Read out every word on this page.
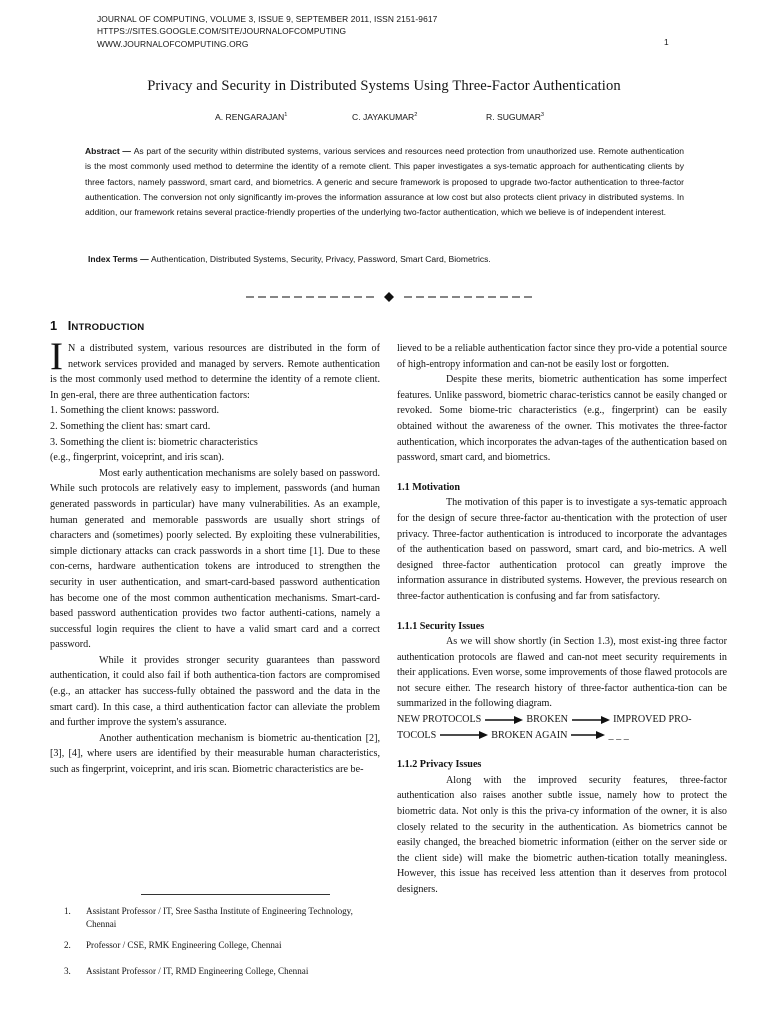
JOURNAL OF COMPUTING, VOLUME 3, ISSUE 9, SEPTEMBER 2011, ISSN 2151-9617
HTTPS://SITES.GOOGLE.COM/SITE/JOURNALOFCOMPUTING
WWW.JOURNALOFCOMPUTING.ORG	1
Privacy and Security in Distributed Systems Using Three-Factor Authentication
A. RENGARAJAN$^1$	C. JAYAKUMAR$^2$	R. SUGUMAR$^3$
Abstract — As part of the security within distributed systems, various services and resources need protection from unauthorized use. Remote authentication is the most commonly used method to determine the identity of a remote client. This paper investigates a sys-tematic approach for authenticating clients by three factors, namely password, smart card, and biometrics. A generic and secure framework is proposed to upgrade two-factor authentication to three-factor authentication. The conversion not only significantly im-proves the information assurance at low cost but also protects client privacy in distributed systems. In addition, our framework retains several practice-friendly properties of the underlying two-factor authentication, which we believe is of independent interest.
Index Terms — Authentication, Distributed Systems, Security, Privacy, Password, Smart Card, Biometrics.
1 INTRODUCTION

I N a distributed system, various resources are distributed in the form of network services provided and managed by servers. Remote authentication is the most commonly used method to determine the identity of a remote client. In gen-eral, there are three authentication factors:

1. Something the client knows: password.

2. Something the client has: smart card.

3. Something the client is: biometric characteristics

(e.g., fingerprint, voiceprint, and iris scan).

Most early authentication mechanisms are solely based on password. While such protocols are relatively easy to implement, passwords (and human generated passwords in particular) have many vulnerabilities. As an example, human generated and memorable passwords are usually short strings of characters and (sometimes) poorly selected. By exploiting these vulnerabilities, simple dictionary attacks can crack passwords in a short time [1]. Due to these con-cerns, hardware authentication tokens are introduced to strengthen the security in user authentication, and smart-card-based password authentication has become one of the most common authentication mechanisms. Smart-card-based password authentication provides two factor authenti-cations, namely a successful login requires the client to have a valid smart card and a correct password.

While it provides stronger security guarantees than password authentication, it could also fail if both authentica-tion factors are compromised (e.g., an attacker has success-fully obtained the password and the data in the smart card). In this case, a third authentication factor can alleviate the problem and further improve the system's assurance.

Another authentication mechanism is biometric au-thentication [2], [3], [4], where users are identified by their measurable human characteristics, such as fingerprint, voiceprint, and iris scan. Biometric characteristics are be-

lieved to be a reliable authentication factor since they pro-vide a potential source of high-entropy information and can-not be easily lost or forgotten.

Despite these merits, biometric authentication has some imperfect features. Unlike password, biometric charac-teristics cannot be easily changed or revoked. Some biome-tric characteristics (e.g., fingerprint) can be easily obtained without the awareness of the owner. This motivates the three-factor authentication, which incorporates the advan-tages of the authentication based on password, smart card, and biometrics.

1.1 Motivation

The motivation of this paper is to investigate a sys-tematic approach for the design of secure three-factor au-thentication with the protection of user privacy. Three-factor authentication is introduced to incorporate the advantages of the authentication based on password, smart card, and bio-metrics. A well designed three-factor authentication protocol can greatly improve the information assurance in distributed systems. However, the previous research on three-factor authentication is confusing and far from satisfactory.

1.1.1 Security Issues

As we will show shortly (in Section 1.3), most exist-ing three factor authentication protocols are flawed and can-not meet security requirements in their applications. Even worse, some improvements of those flawed protocols are not secure either. The research history of three-factor authentica-tion can be summarized in the following diagram.

NEW PROTOCOLS	BROKEN	IMPROVED PRO-

TOCOLS	BROKEN AGAIN	_ _ _

1.1.2 Privacy Issues

Along with the improved security features, three-factor authentication also raises another subtle issue, namely how to protect the biometric data. Not only is this the priva-cy information of the owner, it is also closely related to the security in the authentication. As biometrics cannot be easily changed, the breached biometric information (either on the server side or the client side) will make the biometric authen-tication totally meaningless. However, this issue has received less attention than it deserves from protocol designers.

1.	Assistant Professor / IT, Sree Sastha Institute of Engineering Technology, Chennai
2.	Professor / CSE, RMK Engineering College, Chennai
3.	Assistant Professor / IT, RMD Engineering College, Chennai
